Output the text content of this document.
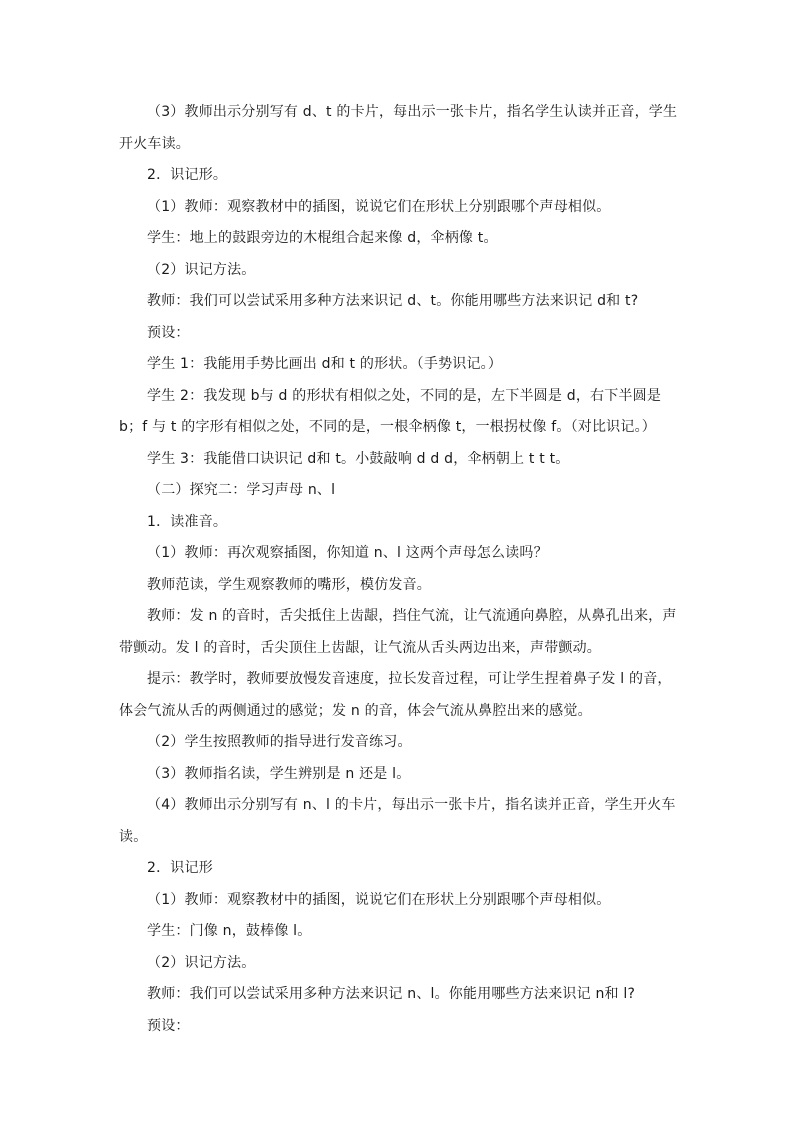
（3）教师出示分别写有 d、t 的卡片，每出示一张卡片，指名学生认读并正音，学生开火车读。

2．识记形。

（1）教师：观察教材中的插图，说说它们在形状上分别跟哪个声母相似。

学生：地上的鼓跟旁边的木棍组合起来像 d，伞柄像 t。

（2）识记方法。

教师：我们可以尝试采用多种方法来识记 d、t。你能用哪些方法来识记 d和 t?

预设：

学生 1：我能用手势比画出 d和 t 的形状。（手势识记。）

学生 2：我发现 b与 d 的形状有相似之处，不同的是，左下半圆是 d，右下半圆是 b；f 与 t 的字形有相似之处，不同的是，一根伞柄像 t，一根拐杖像 f。（对比识记。）

学生 3：我能借口诀识记 d和 t。小鼓敲响 d d d，伞柄朝上 t t t。

（二）探究二：学习声母 n、l

1．读准音。

（1）教师：再次观察插图，你知道 n、l 这两个声母怎么读吗？

教师范读，学生观察教师的嘴形，模仿发音。

教师：发 n 的音时，舌尖抵住上齿龈，挡住气流，让气流通向鼻腔，从鼻孔出来，声带颤动。发 l 的音时，舌尖顶住上齿龈，让气流从舌头两边出来，声带颤动。

提示：教学时，教师要放慢发音速度，拉长发音过程，可让学生捏着鼻子发 l 的音，体会气流从舌的两侧通过的感觉；发 n 的音，体会气流从鼻腔出来的感觉。

（2）学生按照教师的指导进行发音练习。

（3）教师指名读，学生辨别是 n 还是 l。

（4）教师出示分别写有 n、l 的卡片，每出示一张卡片，指名读并正音，学生开火车读。

2．识记形

（1）教师：观察教材中的插图，说说它们在形状上分别跟哪个声母相似。

学生：门像 n，鼓棒像 l。

（2）识记方法。

教师：我们可以尝试采用多种方法来识记 n、l。你能用哪些方法来识记 n和 l?

预设：
